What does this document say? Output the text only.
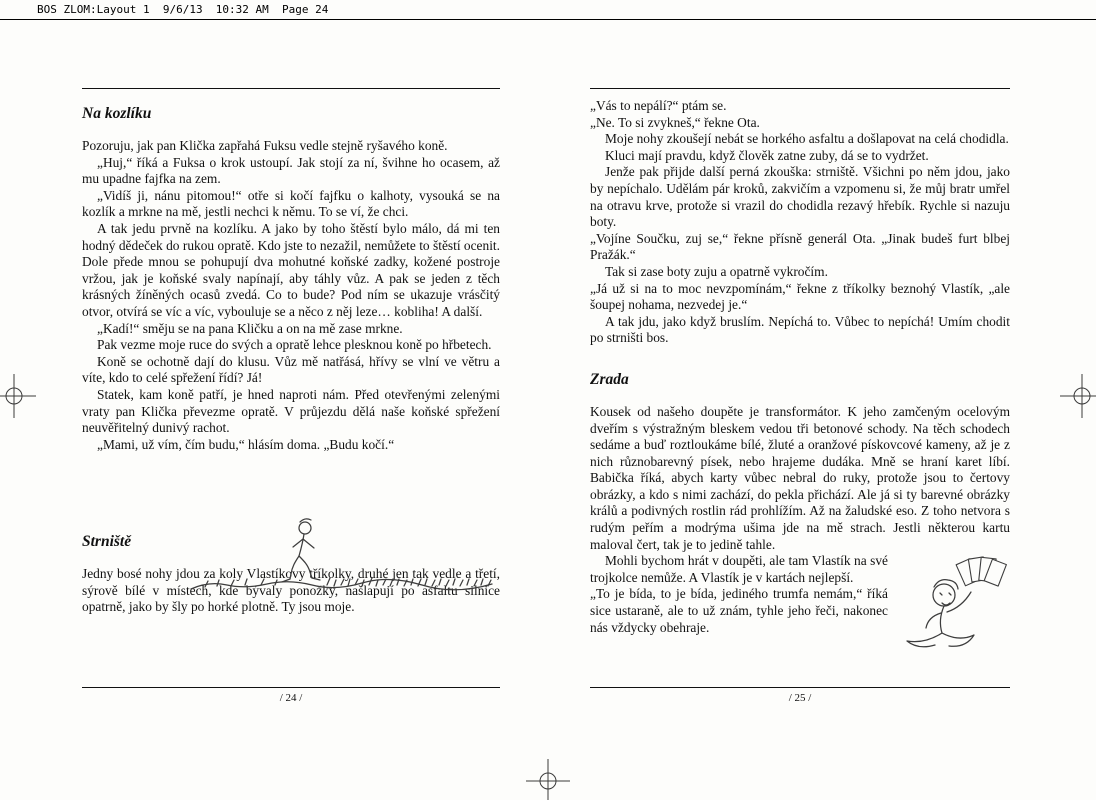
BOS ZLOM:Layout 1  9/6/13  10:32 AM  Page 24
Na kozlíku

Pozoruju, jak pan Klička zapřahá Fuksu vedle stejně ryšavého koně.

„Huj,“ říká a Fuksa o krok ustoupí. Jak stojí za ní, švihne ho ocasem, až mu upadne fajfka na zem.

„Vidíš ji, nánu pitomou!“ otře si kočí fajfku o kalhoty, vysouká se na kozlík a mrkne na mě, jestli nechci k němu. To se ví, že chci.

A tak jedu prvně na kozlíku. A jako by toho štěstí bylo málo, dá mi ten hodný dědeček do rukou opratě. Kdo jste to nezažil, nemůžete to štěstí ocenit. Dole přede mnou se pohupují dva mohutné koňské zadky, kožené postroje vržou, jak je koňské svaly napínají, aby táhly vůz. A pak se jeden z těch krásných žíněných ocasů zvedá. Co to bude? Pod ním se ukazuje vrásčitý otvor, otvírá se víc a víc, vybouluje se a něco z něj leze… kobliha! A další.

„Kadí!“ směju se na pana Kličku a on na mě zase mrkne.

Pak vezme moje ruce do svých a opratě lehce plesknou koně po hřbetech.

Koně se ochotně dají do klusu. Vůz mě natřásá, hřívy se vlní ve větru a víte, kdo to celé spřežení řídí? Já!

Statek, kam koně patří, je hned naproti nám. Před otevřenými zelenými vraty pan Klička převezme opratě. V průjezdu dělá naše koňské spřežení neuvěřitelný dunivý rachot.

„Mami, už vím, čím budu,“ hlásím doma. „Budu kočí.“

Strniště

Jedny bosé nohy jdou za koly Vlastíkovy tříkolky, druhé jen tak vedle a třetí, sýrově bílé v místech, kde bývaly ponožky, našlapují po asfaltu silnice opatrně, jako by šly po horké plotně. Ty jsou moje.

„Vás to nepálí?“ ptám se.

„Ne. To si zvykneš,“ řekne Ota.

Moje nohy zkoušejí nebát se horkého asfaltu a došlapovat na celá chodidla.

Kluci mají pravdu, když člověk zatne zuby, dá se to vydržet.

Jenže pak přijde další perná zkouška: strniště. Všichni po něm jdou, jako by nepíchalo. Udělám pár kroků, zakvičím a vzpomenu si, že můj bratr umřel na otravu krve, protože si vrazil do chodidla rezavý hřebík. Rychle si nazuju boty.

„Vojíne Součku, zuj se,“ řekne přísně generál Ota. „Jinak budeš furt blbej Pražák.“

Tak si zase boty zuju a opatrně vykročím.

„Já už si na to moc nevzpomínám,“ řekne z tříkolky beznohý Vlastík, „ale šoupej nohama, nezvedej je.“

A tak jdu, jako když bruslím. Nepíchá to. Vůbec to nepíchá! Umím chodit po strništi bos.

Zrada

Kousek od našeho doupěte je transformátor. K jeho zamčeným ocelovým dveřím s výstražným bleskem vedou tři betonové schody. Na těch schodech sedáme a buď roztloukáme bílé, žluté a oranžové pískovcové kameny, až je z nich různobarevný písek, nebo hrajeme dudáka. Mně se hraní karet líbí. Babička říká, abych karty vůbec nebral do ruky, protože jsou to čertovy obrázky, a kdo s nimi zachází, do pekla přichází. Ale já si ty barevné obrázky králů a podivných rostlin rád prohlížím. Až na žaludské eso. Z toho netvora s rudým peřím a modrýma ušima jde na mě strach. Jestli některou kartu maloval čert, tak je to jedině tahle.

Mohli bychom hrát v doupěti, ale tam Vlastík na své trojkolce nemůže. A Vlastík je v kartách nejlepší.

„To je bída, to je bída, jediného trumfa nemám,“ říká sice ustaraně, ale to už znám, tyhle jeho řeči, nakonec nás vždycky obehraje.

/ 24 /	/ 25 /
